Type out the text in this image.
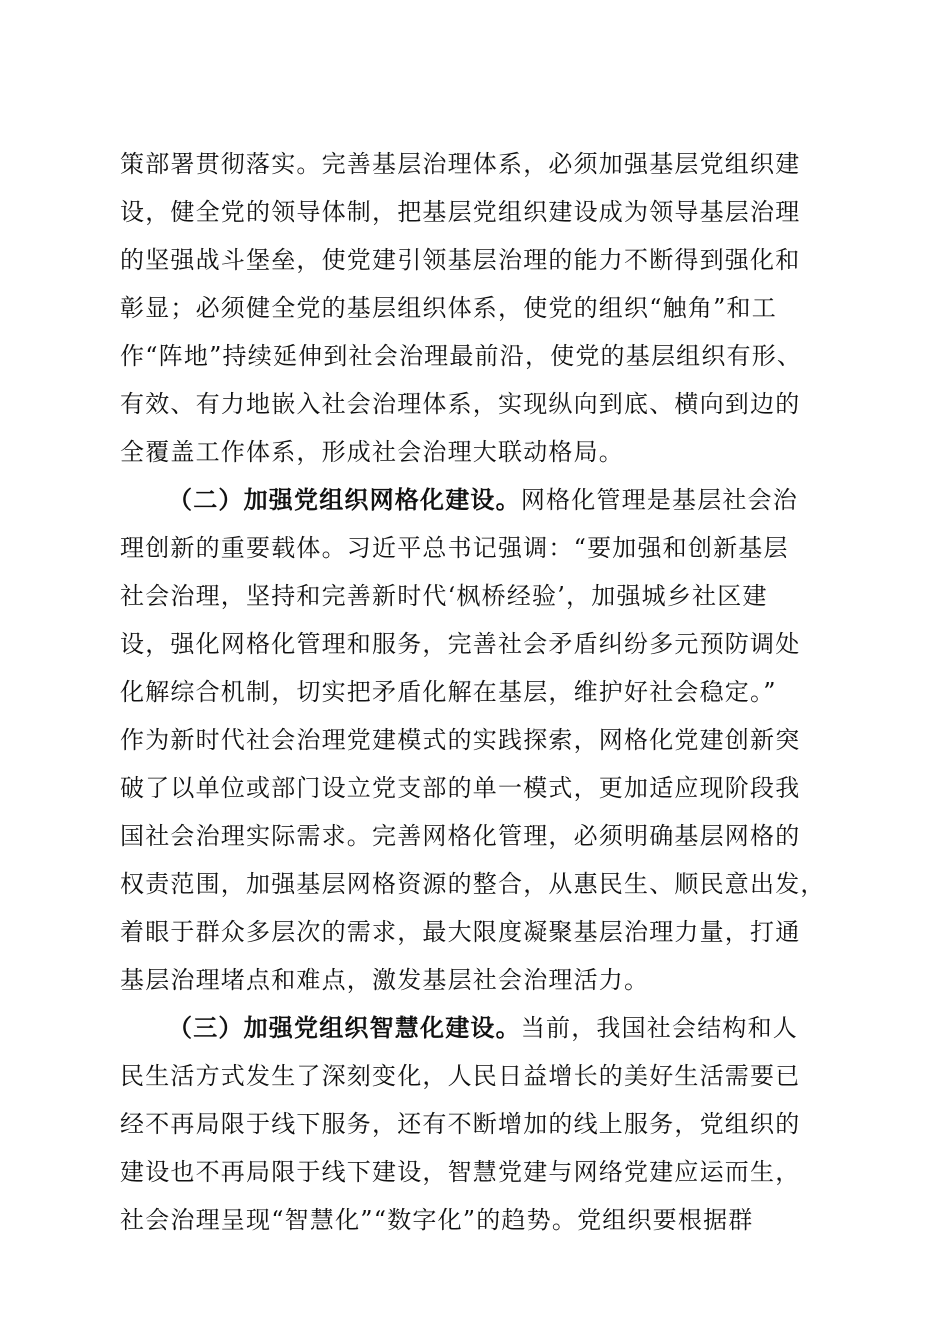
策部署贯彻落实。完善基层治理体系，必须加强基层党组织建
设，健全党的领导体制，把基层党组织建设成为领导基层治理
的坚强战斗堡垒，使党建引领基层治理的能力不断得到强化和
彰显；必须健全党的基层组织体系，使党的组织“触角”和工
作“阵地”持续延伸到社会治理最前沿，使党的基层组织有形、
有效、有力地嵌入社会治理体系，实现纵向到底、横向到边的
全覆盖工作体系，形成社会治理大联动格局。
（二）加强党组织网格化建设。网格化管理是基层社会治
理创新的重要载体。习近平总书记强调：“要加强和创新基层
社会治理，坚持和完善新时代‘枫桥经验’，加强城乡社区建
设，强化网格化管理和服务，完善社会矛盾纠纷多元预防调处
化解综合机制，切实把矛盾化解在基层，维护好社会稳定。”
作为新时代社会治理党建模式的实践探索，网格化党建创新突
破了以单位或部门设立党支部的单一模式，更加适应现阶段我
国社会治理实际需求。完善网格化管理，必须明确基层网格的
权责范围，加强基层网格资源的整合，从惠民生、顺民意出发，
着眼于群众多层次的需求，最大限度凝聚基层治理力量，打通
基层治理堵点和难点，激发基层社会治理活力。
（三）加强党组织智慧化建设。当前，我国社会结构和人
民生活方式发生了深刻变化，人民日益增长的美好生活需要已
经不再局限于线下服务，还有不断增加的线上服务，党组织的
建设也不再局限于线下建设，智慧党建与网络党建应运而生，
社会治理呈现“智慧化”“数字化”的趋势。党组织要根据群
